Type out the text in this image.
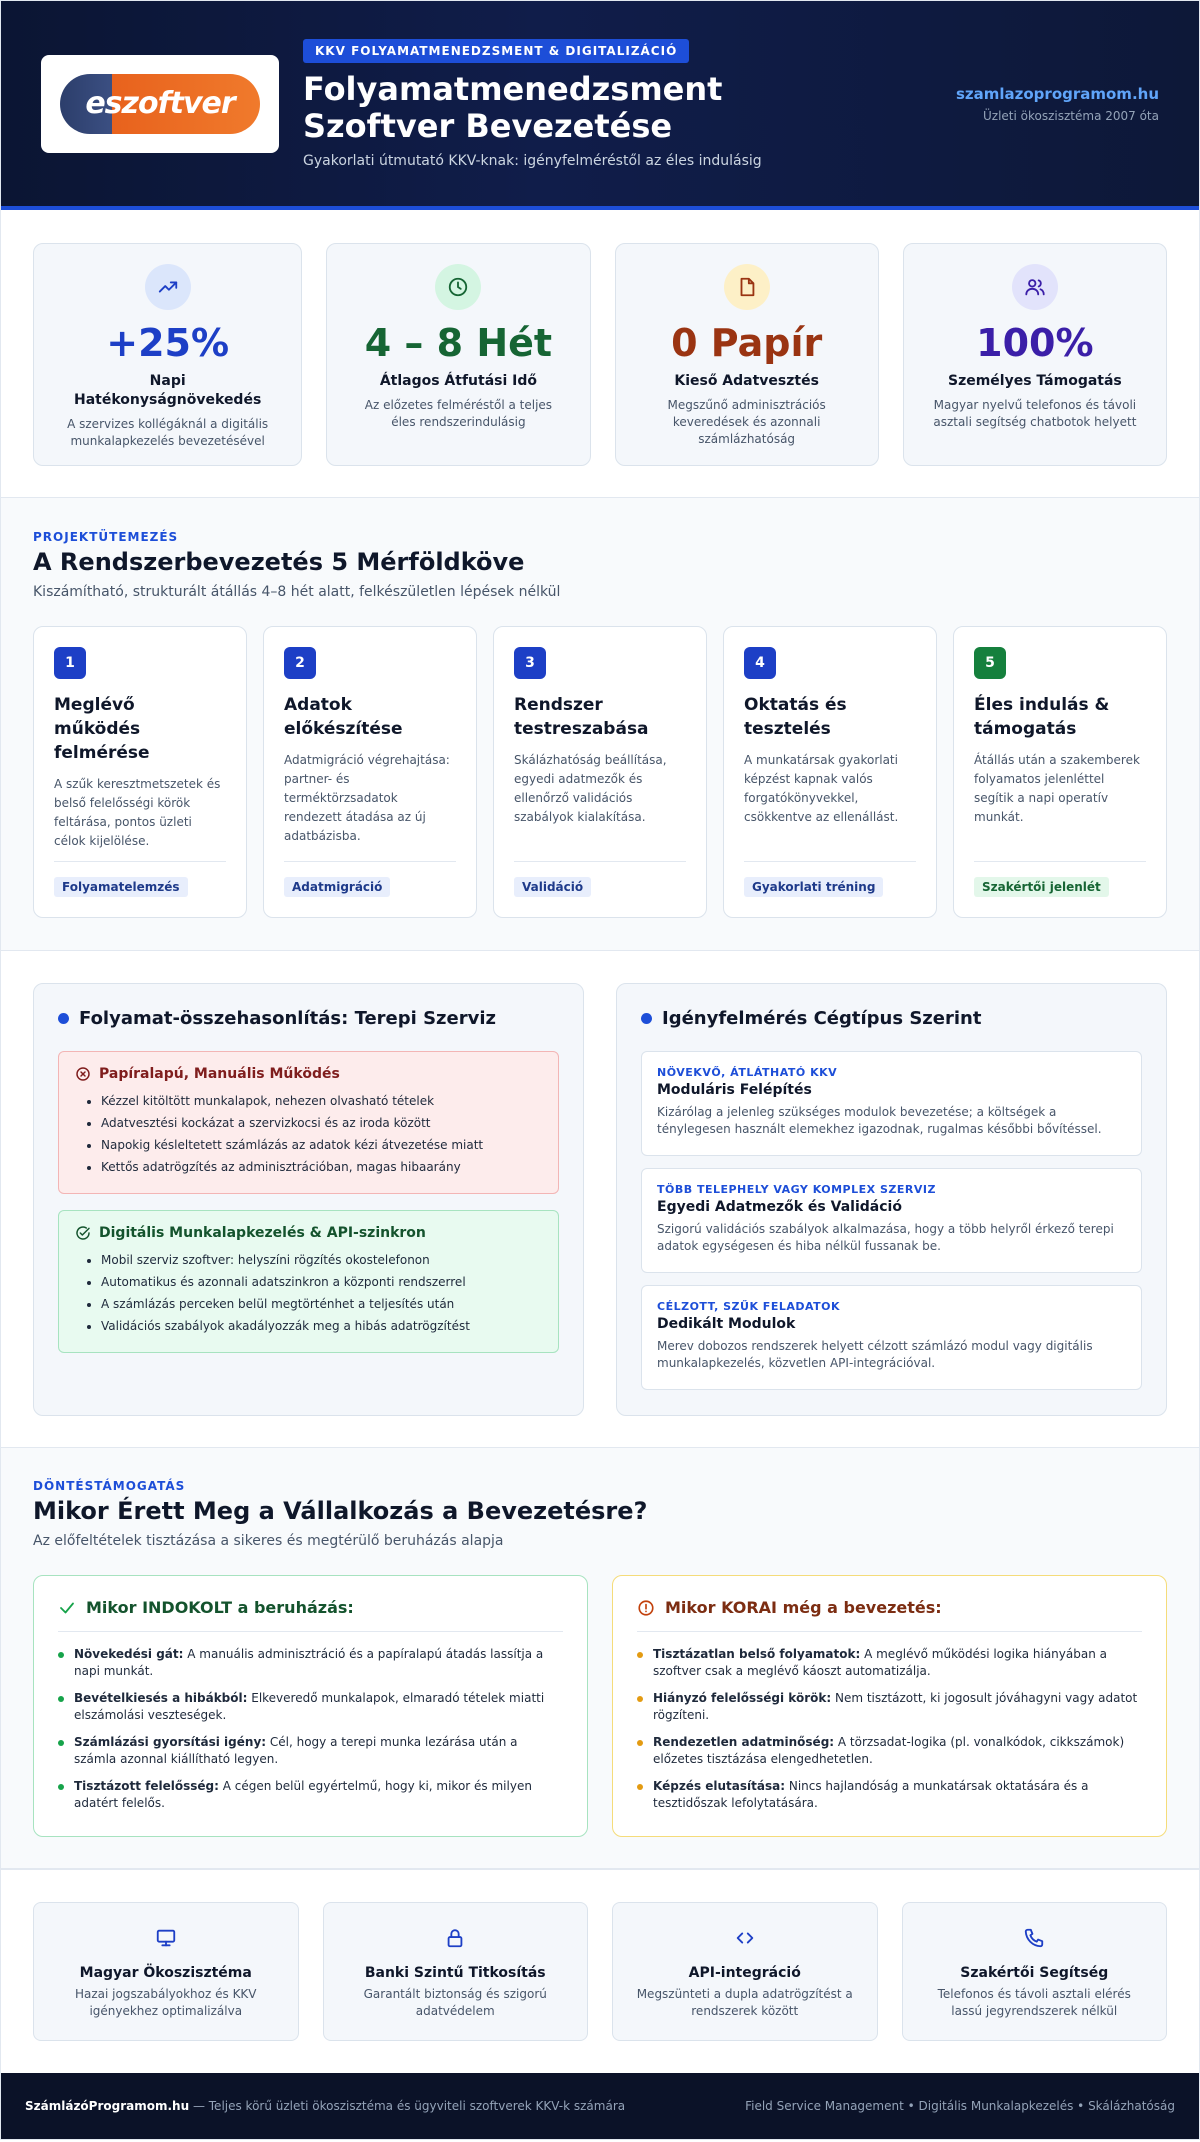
eszoftver
KKV FOLYAMATMENEDZSMENT & DIGITALIZÁCIÓ
Folyamatmenedzsment Szoftver Bevezetése
Gyakorlati útmutató KKV-knak: igényfelméréstől az éles indulásig
szamlazoprogramom.hu
Üzleti ökoszisztéma 2007 óta
+25%
Napi Hatékonyságnövekedés
A szervizes kollégáknál a digitális munkalapkezelés bevezetésével
4 – 8 Hét
Átlagos Átfutási Idő
Az előzetes felméréstől a teljes éles rendszerindulásig
0 Papír
Kieső Adatvesztés
Megszűnő adminisztrációs keveredések és azonnali számlázhatóság
100%
Személyes Támogatás
Magyar nyelvű telefonos és távoli asztali segítség chatbotok helyett
PROJEKTÜTEMEZÉS
A Rendszerbevezetés 5 Mérföldköve
Kiszámítható, strukturált átállás 4–8 hét alatt, felkészületlen lépések nélkül
1
Meglévő működés felmérése
A szűk keresztmetszetek és belső felelősségi körök feltárása, pontos üzleti célok kijelölése.
Folyamatelemzés
2
Adatok előkészítése
Adatmigráció végrehajtása: partner- és terméktörzsadatok rendezett átadása az új adatbázisba.
Adatmigráció
3
Rendszer testreszabása
Skálázhatóság beállítása, egyedi adatmezők és ellenőrző validációs szabályok kialakítása.
Validáció
4
Oktatás és tesztelés
A munkatársak gyakorlati képzést kapnak valós forgatókönyvekkel, csökkentve az ellenállást.
Gyakorlati tréning
5
Éles indulás & támogatás
Átállás után a szakemberek folyamatos jelenléttel segítik a napi operatív munkát.
Szakértői jelenlét
Folyamat-összehasonlítás: Terepi Szerviz
Papíralapú, Manuális Működés
• Kézzel kitöltött munkalapok, nehezen olvasható tételek
• Adatvesztési kockázat a szervizkocsi és az iroda között
• Napokig késleltetett számlázás az adatok kézi átvezetése miatt
• Kettős adatrögzítés az adminisztrációban, magas hibaarány
Digitális Munkalapkezelés & API-szinkron
• Mobil szerviz szoftver: helyszíni rögzítés okostelefonon
• Automatikus és azonnali adatszinkron a központi rendszerrel
• A számlázás perceken belül megtörténhet a teljesítés után
• Validációs szabályok akadályozzák meg a hibás adatrögzítést
Igényfelmérés Cégtípus Szerint
NÖVEKVŐ, ÁTLÁTHATÓ KKV
Moduláris Felépítés
Kizárólag a jelenleg szükséges modulok bevezetése; a költségek a ténylegesen használt elemekhez igazodnak, rugalmas későbbi bővítéssel.
TÖBB TELEPHELY VAGY KOMPLEX SZERVIZ
Egyedi Adatmezők és Validáció
Szigorú validációs szabályok alkalmazása, hogy a több helyről érkező terepi adatok egységesen és hiba nélkül fussanak be.
CÉLZOTT, SZŰK FELADATOK
Dedikált Modulok
Merev dobozos rendszerek helyett célzott számlázó modul vagy digitális munkalapkezelés, közvetlen API-integrációval.
DÖNTÉSTÁMOGATÁS
Mikor Érett Meg a Vállalkozás a Bevezetésre?
Az előfeltételek tisztázása a sikeres és megtérülő beruházás alapja
Mikor INDOKOLT a beruházás:
Növekedési gát: A manuális adminisztráció és a papíralapú átadás lassítja a napi munkát.
Bevételkiesés a hibákból: Elkeveredő munkalapok, elmaradó tételek miatti elszámolási veszteségek.
Számlázási gyorsítási igény: Cél, hogy a terepi munka lezárása után a számla azonnal kiállítható legyen.
Tisztázott felelősség: A cégen belül egyértelmű, hogy ki, mikor és milyen adatért felelős.
Mikor KORAI még a bevezetés:
Tisztázatlan belső folyamatok: A meglévő működési logika hiányában a szoftver csak a meglévő káoszt automatizálja.
Hiányzó felelősségi körök: Nem tisztázott, ki jogosult jóváhagyni vagy adatot rögzíteni.
Rendezetlen adatminőség: A törzsadat-logika (pl. vonalkódok, cikkszámok) előzetes tisztázása elengedhetetlen.
Képzés elutasítása: Nincs hajlandóság a munkatársak oktatására és a tesztidőszak lefolytatására.
Magyar Ökoszisztéma
Hazai jogszabályokhoz és KKV igényekhez optimalizálva
Banki Szintű Titkosítás
Garantált biztonság és szigorú adatvédelem
API-integráció
Megszünteti a dupla adatrögzítést a rendszerek között
Szakértői Segítség
Telefonos és távoli asztali elérés lassú jegyrendszerek nélkül
SzámlázóProgramom.hu — Teljes körű üzleti ökoszisztéma és ügyviteli szoftverek KKV-k számára	Field Service Management • Digitális Munkalapkezelés • Skálázhatóság
